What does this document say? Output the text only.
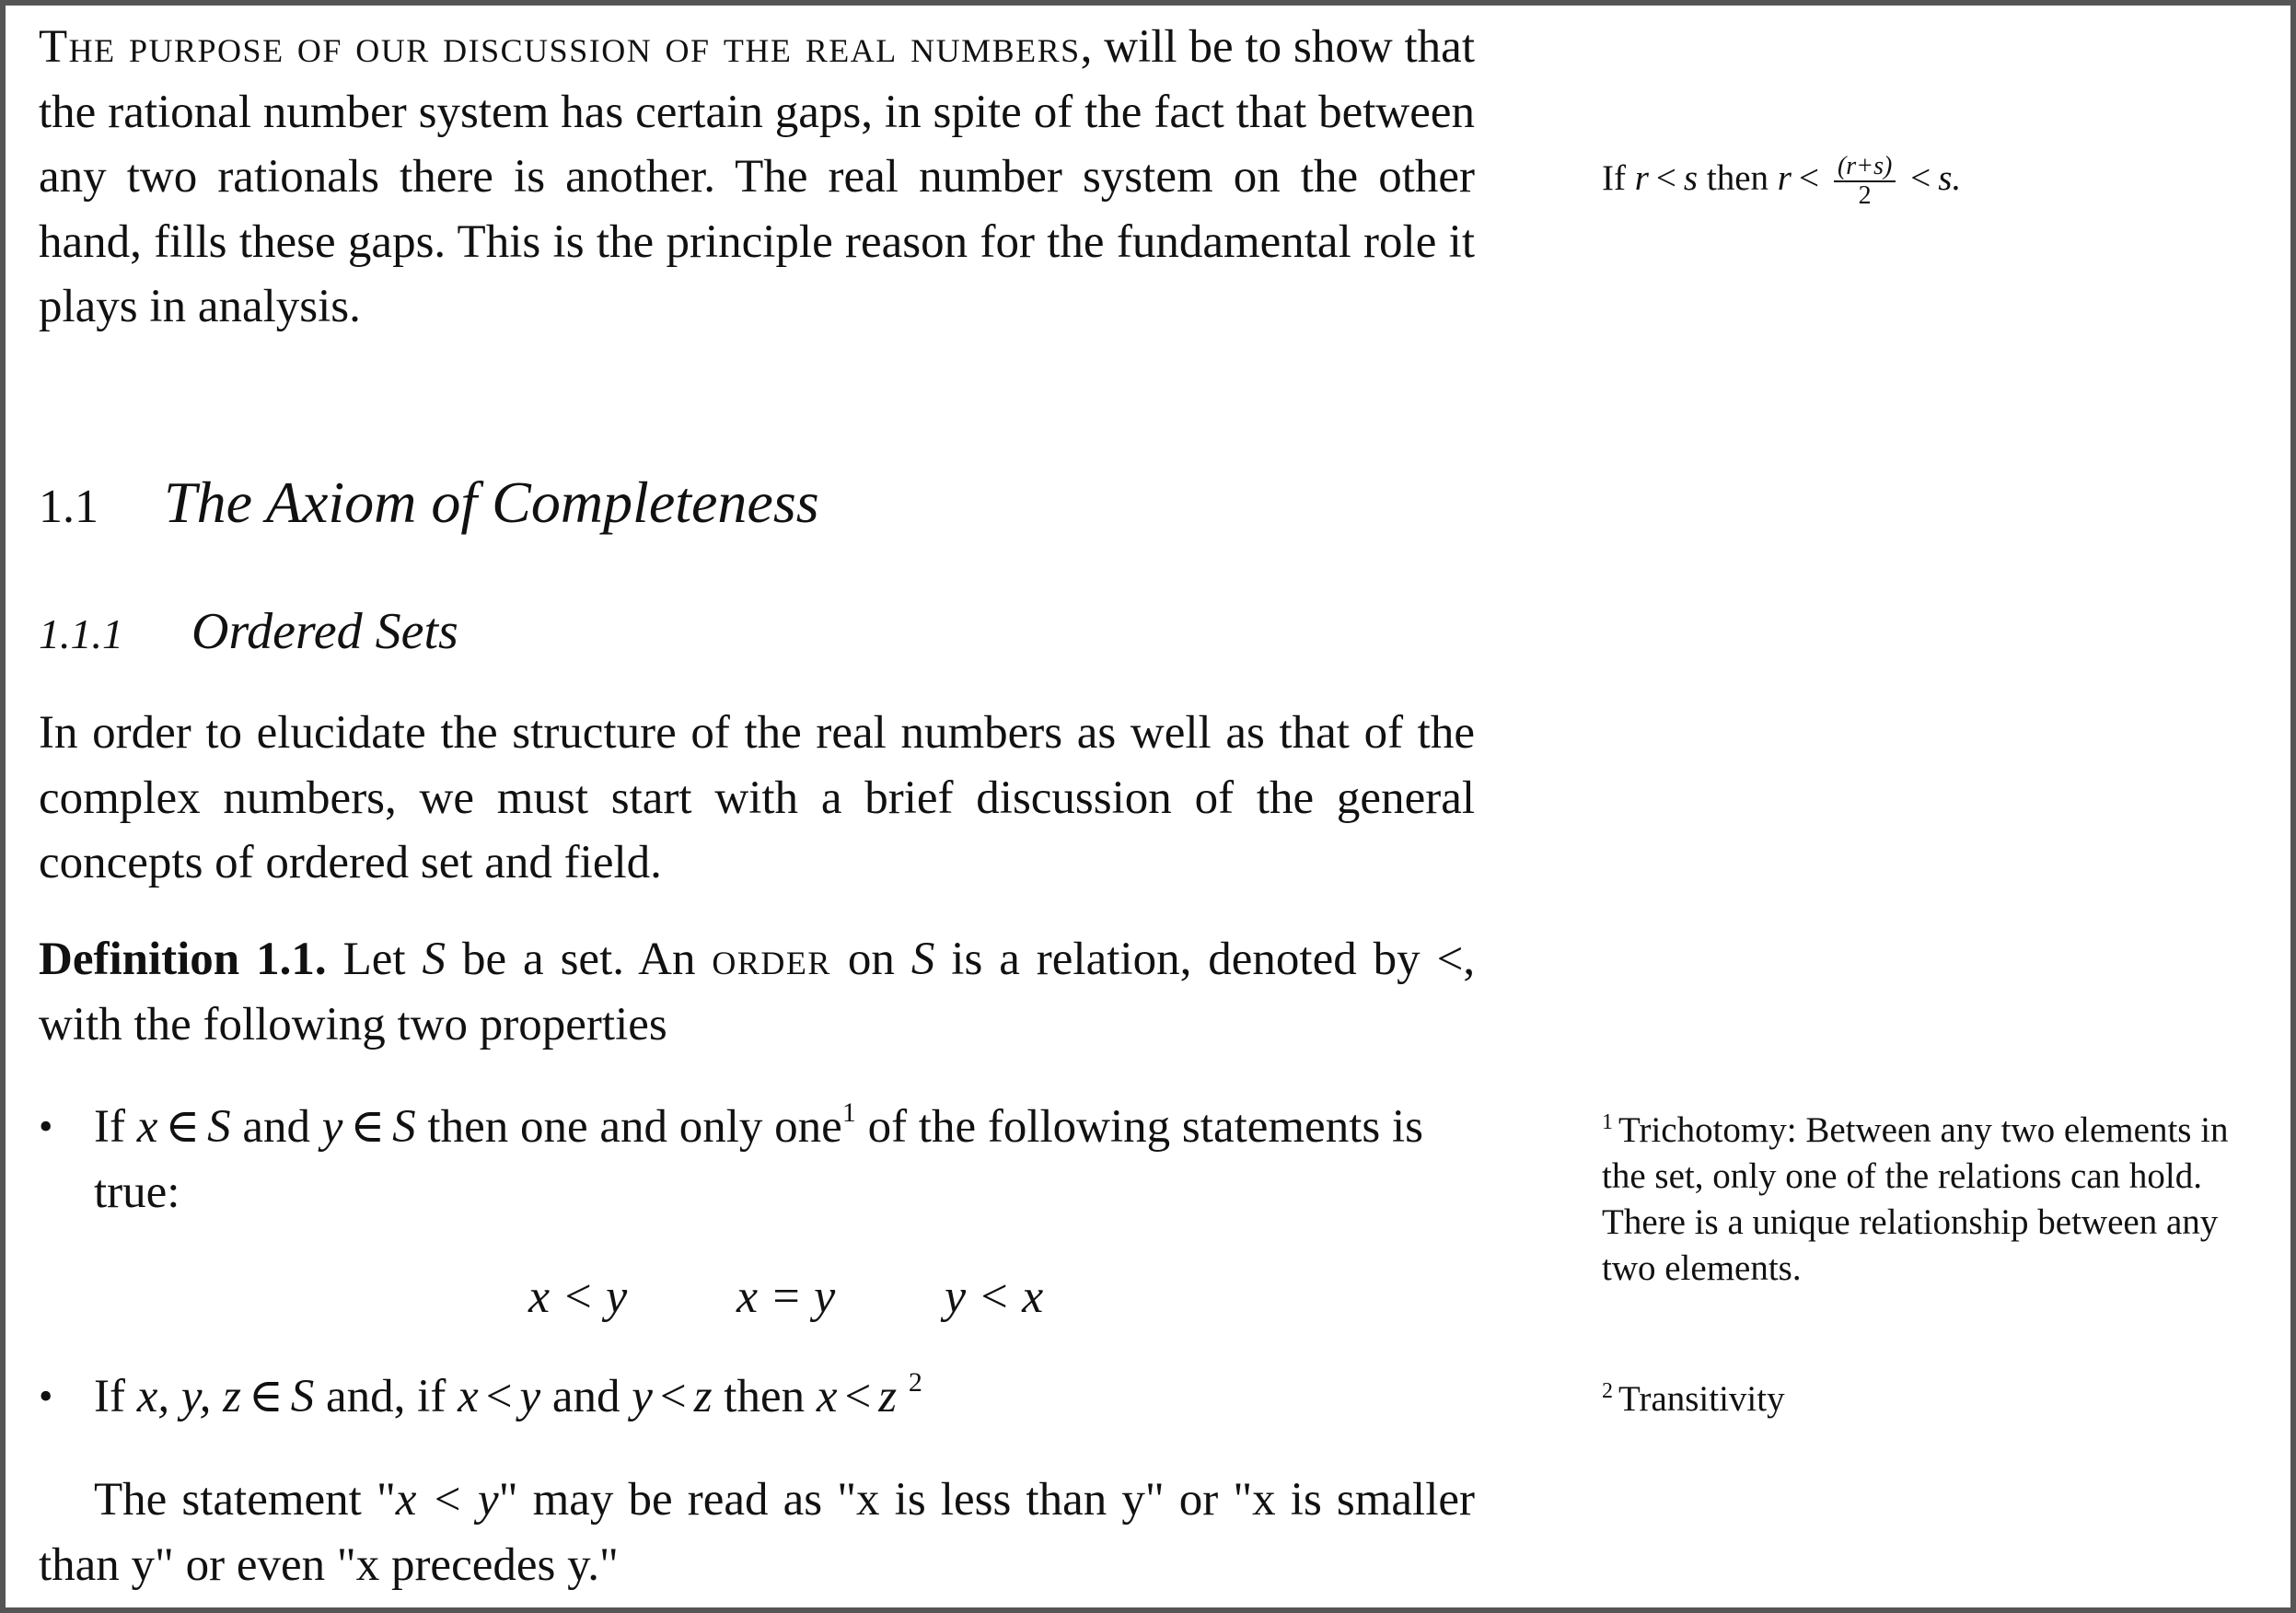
The purpose of our discussion of the real numbers, will be to show that the rational number system has certain gaps, in spite of the fact that between any two rationals there is another. The real number system on the other hand, fills these gaps. This is the principle reason for the fundamental role it plays in analysis.

If r < s then $r < \frac{(r+s)}{2} < s$.
1.1 The Axiom of Completeness
1.1.1 Ordered Sets

In order to elucidate the structure of the real numbers as well as that of the complex numbers, we must start with a brief discussion of the general concepts of ordered set and field.

Definition 1.1. Let S be a set. An order on S is a relation, denoted by <, with the following two properties

• If x ∈ S and y ∈ S then one and only one$^1$ of the following statements is true:
x < y	x = y	y < x
• If x, y, z ∈ S and, if x < y and y < z then x < z $^2$

The statement "x < y" may be read as "x is less than y" or "x is smaller than y" or even "x precedes y."

$^1$ Trichotomy: Between any two elements in the set, only one of the relations can hold. There is a unique relationship between any two elements.

$^2$ Transitivity
